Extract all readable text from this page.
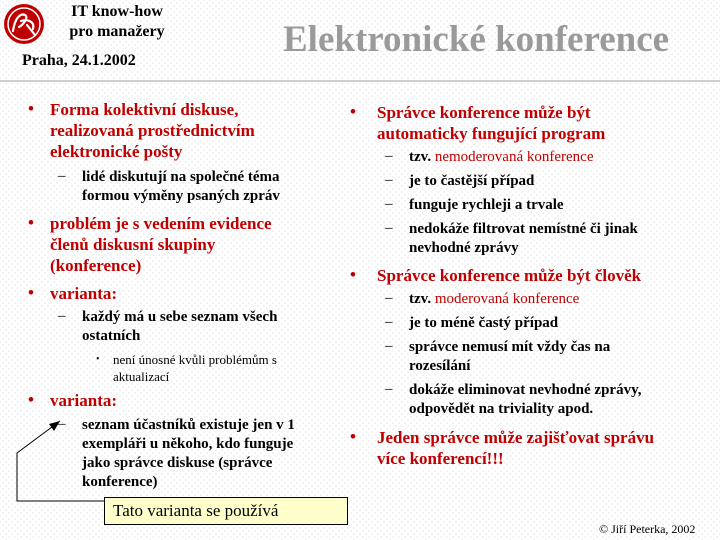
IT know-how
pro manažery
Praha, 24.1.2002
Elektronické konference
• Forma kolektivní diskuse,
realizovaná prostřednictvím
elektronické pošty
– lidé diskutují na společné téma
formou výměny psaných zpráv
• problém je s vedením evidence
členů diskusní skupiny
(konference)
• varianta:
– každý má u sebe seznam všech
ostatních
• není únosné kvůli problémům s
aktualizací
• varianta:
– seznam účastníků existuje jen v 1
exempláři u někoho, kdo funguje
jako správce diskuse (správce
konference)
Tato varianta se používá
• Správce konference může být
automaticky fungující program
– tzv. nemoderovaná konference
– je to častější případ
– funguje rychleji a trvale
– nedokáže filtrovat nemístné či jinak
nevhodné zprávy
• Správce konference může být člověk
– tzv. moderovaná konference
– je to méně častý případ
– správce nemusí mít vždy čas na
rozesílání
– dokáže eliminovat nevhodné zprávy,
odpovědět na triviality apod.
• Jeden správce může zajišťovat správu
více konferencí!!!
© Jiří Peterka, 2002
